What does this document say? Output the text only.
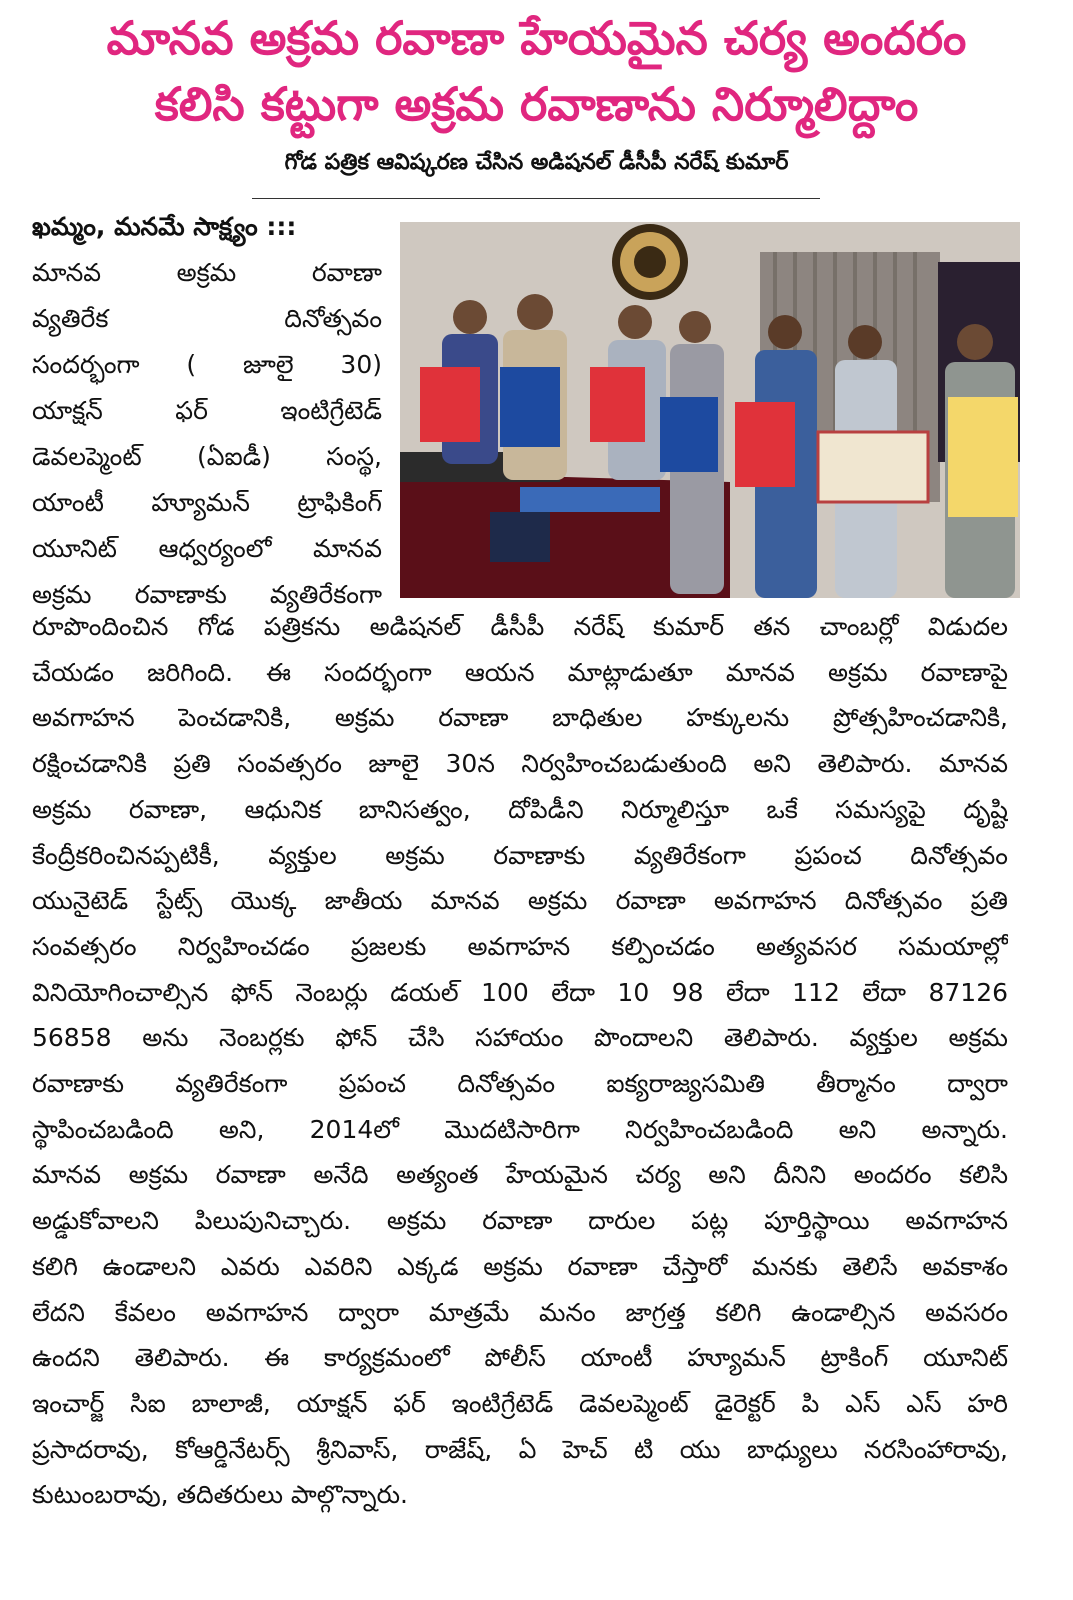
మానవ అక్రమ రవాణా హేయమైన చర్య అందరం
కలిసి కట్టుగా అక్రమ రవాణాను నిర్మూలిద్దాం

గోడ పత్రిక ఆవిష్కరణ చేసిన అడిషనల్ డీసీపీ నరేష్ కుమార్

ఖమ్మం, మనమే సాక్ష్యం :::
మానవ అక్రమ రవాణా
వ్యతిరేక దినోత్సవం
సందర్భంగా ( జూలై 30)
యాక్షన్ ఫర్ ఇంటిగ్రేటెడ్
డెవలప్మెంట్ (ఏఐడీ) సంస్థ,
యాంటీ హ్యూమన్ ట్రాఫికింగ్
యూనిట్ ఆధ్వర్యంలో మానవ
అక్రమ రవాణాకు వ్యతిరేకంగా
రూపొందించిన గోడ పత్రికను అడిషనల్ డీసీపీ నరేష్ కుమార్ తన చాంబర్లో విడుదల
చేయడం జరిగింది. ఈ సందర్భంగా ఆయన మాట్లాడుతూ మానవ అక్రమ రవాణాపై
అవగాహన పెంచడానికి, అక్రమ రవాణా బాధితుల హక్కులను ప్రోత్సహించడానికి,
రక్షించడానికి ప్రతి సంవత్సరం జూలై 30న నిర్వహించబడుతుంది అని తెలిపారు. మానవ
అక్రమ రవాణా, ఆధునిక బానిసత్వం, దోపిడీని నిర్మూలిస్తూ ఒకే సమస్యపై దృష్టి
కేంద్రీకరించినప్పటికీ, వ్యక్తుల అక్రమ రవాణాకు వ్యతిరేకంగా ప్రపంచ దినోత్సవం
యునైటెడ్ స్టేట్స్ యొక్క జాతీయ మానవ అక్రమ రవాణా అవగాహన దినోత్సవం ప్రతి
సంవత్సరం నిర్వహించడం ప్రజలకు అవగాహన కల్పించడం అత్యవసర సమయాల్లో
వినియోగించాల్సిన ఫోన్ నెంబర్లు డయల్ 100 లేదా 10 98 లేదా 112 లేదా 87126
56858 అను నెంబర్లకు ఫోన్ చేసి సహాయం పొందాలని తెలిపారు. వ్యక్తుల అక్రమ
రవాణాకు వ్యతిరేకంగా ప్రపంచ దినోత్సవం ఐక్యరాజ్యసమితి తీర్మానం ద్వారా
స్థాపించబడింది అని, 2014లో మొదటిసారిగా నిర్వహించబడింది అని అన్నారు.
మానవ అక్రమ రవాణా అనేది అత్యంత హేయమైన చర్య అని దీనిని అందరం కలిసి
అడ్డుకోవాలని పిలుపునిచ్చారు. అక్రమ రవాణా దారుల పట్ల పూర్తిస్థాయి అవగాహన
కలిగి ఉండాలని ఎవరు ఎవరిని ఎక్కడ అక్రమ రవాణా చేస్తారో మనకు తెలిసే అవకాశం
లేదని కేవలం అవగాహన ద్వారా మాత్రమే మనం జాగ్రత్త కలిగి ఉండాల్సిన అవసరం
ఉందని తెలిపారు. ఈ కార్యక్రమంలో పోలీస్ యాంటీ హ్యూమన్ ట్రాకింగ్ యూనిట్
ఇంచార్జ్ సిఐ బాలాజీ, యాక్షన్ ఫర్ ఇంటిగ్రేటెడ్ డెవలప్మెంట్ డైరెక్టర్ పి ఎస్ ఎస్ హరి
ప్రసాదరావు, కోఆర్డినేటర్స్ శ్రీనివాస్, రాజేష్, ఏ హెచ్ టి యు బాధ్యులు నరసింహారావు,
కుటుంబరావు, తదితరులు పాల్గొన్నారు.
